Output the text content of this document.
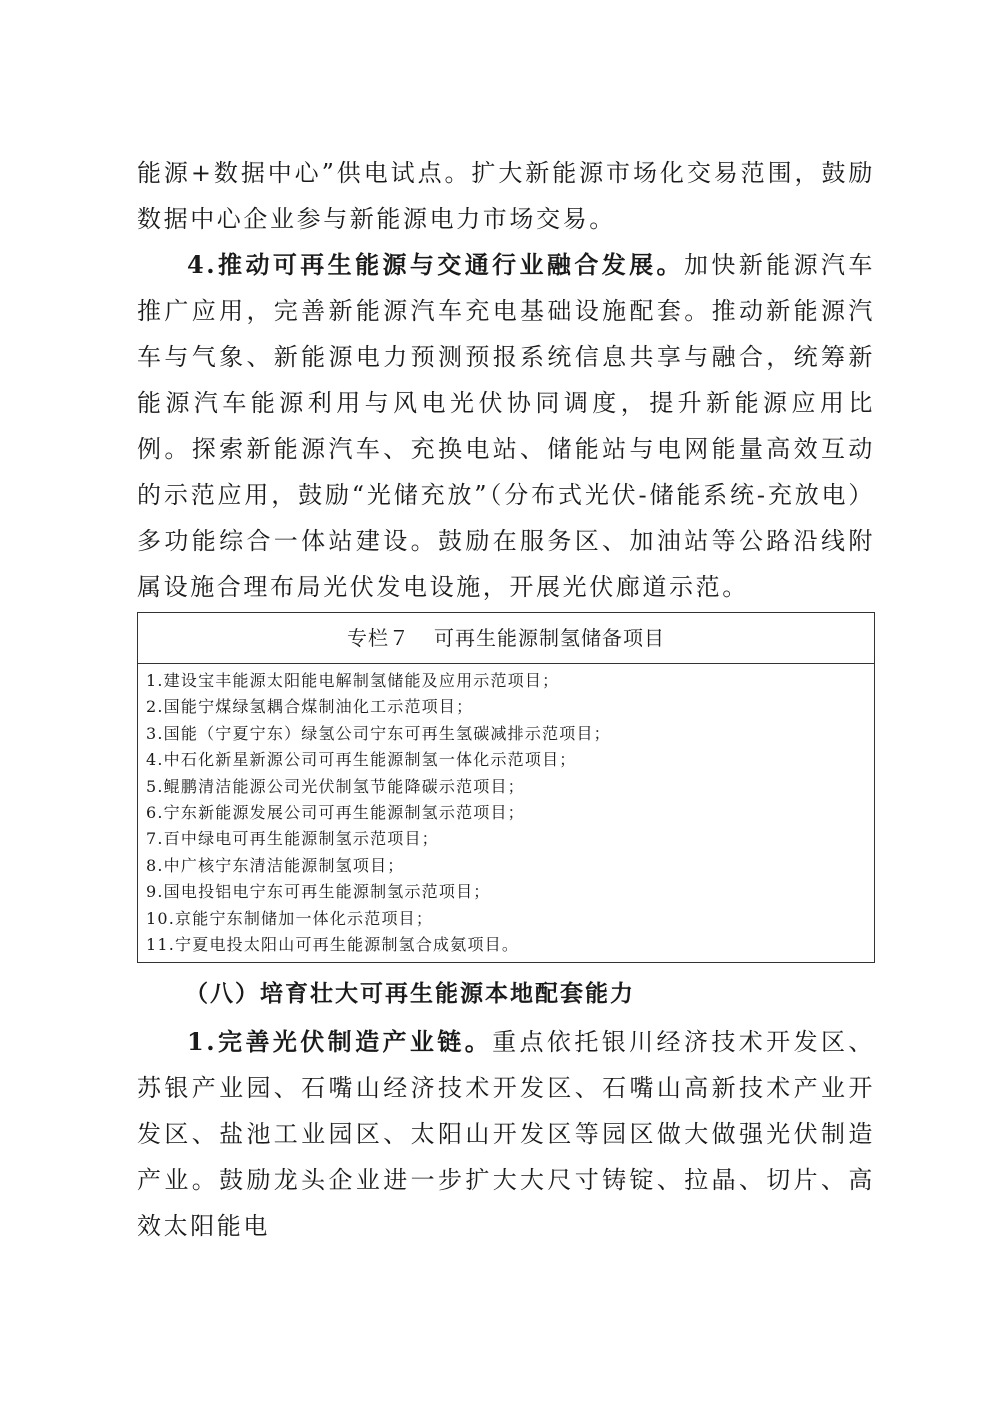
能源+数据中心”供电试点。扩大新能源市场化交易范围，鼓励数据中心企业参与新能源电力市场交易。

4.推动可再生能源与交通行业融合发展。加快新能源汽车推广应用，完善新能源汽车充电基础设施配套。推动新能源汽车与气象、新能源电力预测预报系统信息共享与融合，统筹新能源汽车能源利用与风电光伏协同调度，提升新能源应用比例。探索新能源汽车、充换电站、储能站与电网能量高效互动的示范应用，鼓励“光储充放”（分布式光伏-储能系统-充放电）多功能综合一体站建设。鼓励在服务区、加油站等公路沿线附属设施合理布局光伏发电设施，开展光伏廊道示范。

专栏７ 可再生能源制氢储备项目
1.建设宝丰能源太阳能电解制氢储能及应用示范项目；
2.国能宁煤绿氢耦合煤制油化工示范项目；
3.国能（宁夏宁东）绿氢公司宁东可再生氢碳减排示范项目；
4.中石化新星新源公司可再生能源制氢一体化示范项目；
5.鲲鹏清洁能源公司光伏制氢节能降碳示范项目；
6.宁东新能源发展公司可再生能源制氢示范项目；
7.百中绿电可再生能源制氢示范项目；
8.中广核宁东清洁能源制氢项目；
9.国电投铝电宁东可再生能源制氢示范项目；
10.京能宁东制储加一体化示范项目；
11.宁夏电投太阳山可再生能源制氢合成氨项目。
（八）培育壮大可再生能源本地配套能力

1.完善光伏制造产业链。重点依托银川经济技术开发区、苏银产业园、石嘴山经济技术开发区、石嘴山高新技术产业开发区、盐池工业园区、太阳山开发区等园区做大做强光伏制造产业。鼓励龙头企业进一步扩大大尺寸铸锭、拉晶、切片、高效太阳能电
